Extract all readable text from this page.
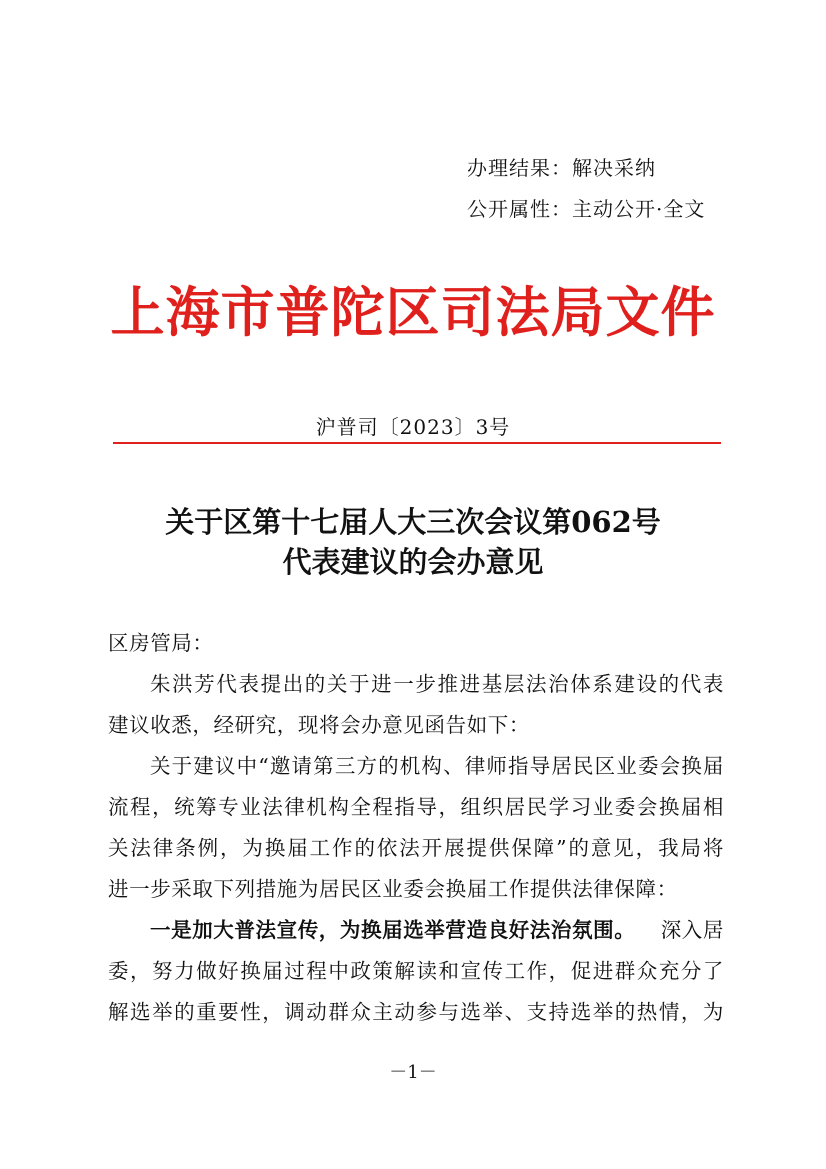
办理结果：解决采纳
公开属性：主动公开·全文
上海市普陀区司法局文件
沪普司〔2023〕3号
关于区第十七届人大三次会议第062号
代表建议的会办意见
区房管局：
朱洪芳代表提出的关于进一步推进基层法治体系建设的代表
建议收悉，经研究，现将会办意见函告如下：
关于建议中“邀请第三方的机构、律师指导居民区业委会换届
流程，统筹专业法律机构全程指导，组织居民学习业委会换届相
关法律条例，为换届工作的依法开展提供保障”的意见，我局将
进一步采取下列措施为居民区业委会换届工作提供法律保障：
一是加大普法宣传，为换届选举营造良好法治氛围。 深入居
委，努力做好换届过程中政策解读和宣传工作，促进群众充分了
解选举的重要性，调动群众主动参与选举、支持选举的热情，为
－1－
